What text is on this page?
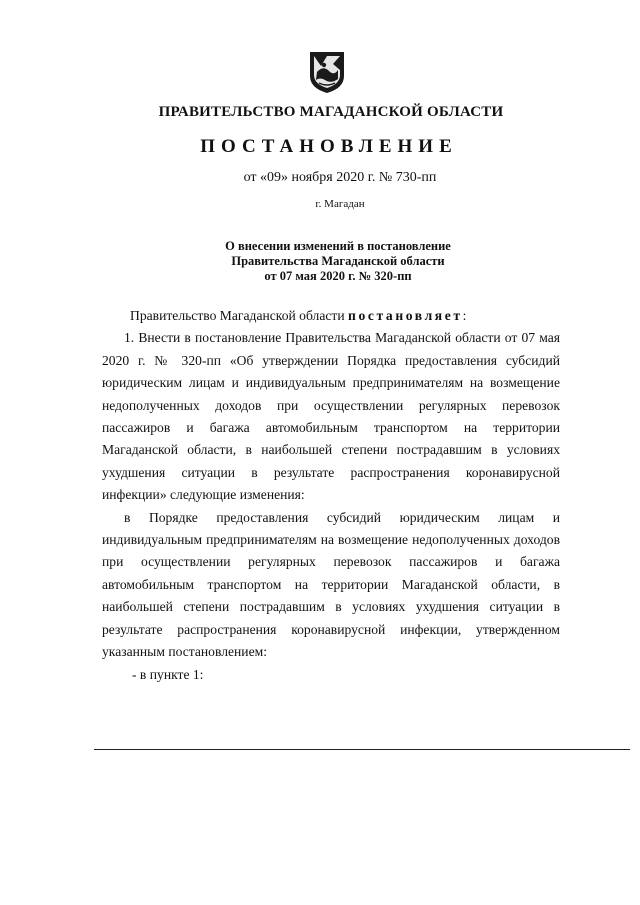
ПРАВИТЕЛЬСТВО МАГАДАНСКОЙ ОБЛАСТИ
ПОСТАНОВЛЕНИЕ
от «09» ноября 2020 г. № 730-пп
г. Магадан
О внесении изменений в постановление
Правительства Магаданской области
от 07 мая 2020 г. № 320-пп

Правительство Магаданской области постановляет:

1. Внести в постановление Правительства Магаданской области от 07 мая 2020 г. № 320-пп «Об утверждении Порядка предоставления субсидий юридическим лицам и индивидуальным предпринимателям на возмещение недополученных доходов при осуществлении регулярных перевозок пассажиров и багажа автомобильным транспортом на территории Магаданской области, в наибольшей степени пострадавшим в условиях ухудшения ситуации в результате распространения коронавирусной инфекции» следующие изменения:

в Порядке предоставления субсидий юридическим лицам и индивидуальным предпринимателям на возмещение недополученных доходов при осуществлении регулярных перевозок пассажиров и багажа автомобильным транспортом на территории Магаданской области, в наибольшей степени пострадавшим в условиях ухудшения ситуации в результате распространения коронавирусной инфекции, утвержденном указанным постановлением:

- в пункте 1:
